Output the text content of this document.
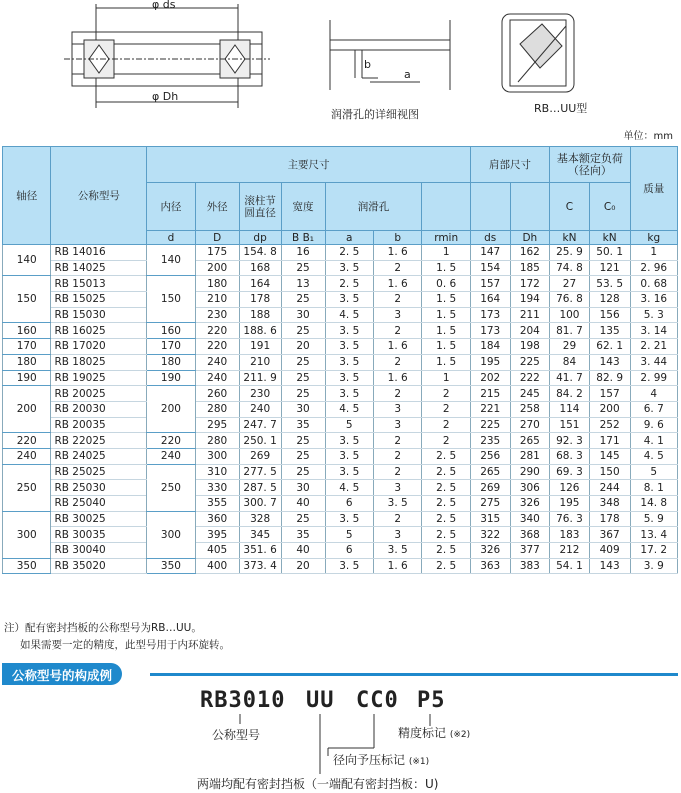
φ ds
φ Dh
b
a
润滑孔的详细视图	RB…UU型
单位：mm
轴径	公称型号	主要尺寸							肩部尺寸		基本额定负荷（径向）		质量
		内径	外径	滚柱节圆直径	宽度	润滑孔					C	C₀	
		d	D	dp	B B₁	a	b	rmin	ds	Dh	kN	kN	kg
140	RB 14016	140	175	154. 8	16	2. 5	1. 6	1	147	162	25. 9	50. 1	1
	RB 14025		200	168	25	3. 5	2	1. 5	154	185	74. 8	121	2. 96
150	RB 15013	150	180	164	13	2. 5	1. 6	0. 6	157	172	27	53. 5	0. 68
	RB 15025		210	178	25	3. 5	2	1. 5	164	194	76. 8	128	3. 16
	RB 15030		230	188	30	4. 5	3	1. 5	173	211	100	156	5. 3
160	RB 16025	160	220	188. 6	25	3. 5	2	1. 5	173	204	81. 7	135	3. 14
170	RB 17020	170	220	191	20	3. 5	1. 6	1. 5	184	198	29	62. 1	2. 21
180	RB 18025	180	240	210	25	3. 5	2	1. 5	195	225	84	143	3. 44
190	RB 19025	190	240	211. 9	25	3. 5	1. 6	1	202	222	41. 7	82. 9	2. 99
200	RB 20025	200	260	230	25	3. 5	2	2	215	245	84. 2	157	4
	RB 20030		280	240	30	4. 5	3	2	221	258	114	200	6. 7
	RB 20035		295	247. 7	35	5	3	2	225	270	151	252	9. 6
220	RB 22025	220	280	250. 1	25	3. 5	2	2	235	265	92. 3	171	4. 1
240	RB 24025	240	300	269	25	3. 5	2	2. 5	256	281	68. 3	145	4. 5
250	RB 25025	250	310	277. 5	25	3. 5	2	2. 5	265	290	69. 3	150	5
	RB 25030		330	287. 5	30	4. 5	3	2. 5	269	306	126	244	8. 1
	RB 25040		355	300. 7	40	6	3. 5	2. 5	275	326	195	348	14. 8
300	RB 30025	300	360	328	25	3. 5	2	2. 5	315	340	76. 3	178	5. 9
	RB 30035		395	345	35	5	3	2. 5	322	368	183	367	13. 4
	RB 30040		405	351. 6	40	6	3. 5	2. 5	326	377	212	409	17. 2
350	RB 35020	350	400	373. 4	20	3. 5	1. 6	2. 5	363	383	54. 1	143	3. 9
注）配有密封挡板的公称型号为RB…UU。
如果需要一定的精度，此型号用于内环旋转。
公称型号的构成例
RB3010 UU CC0 P5
公称型号	精度标记 (※2)
径向予压标记 (※1)
两端均配有密封挡板（一端配有密封挡板：U)
